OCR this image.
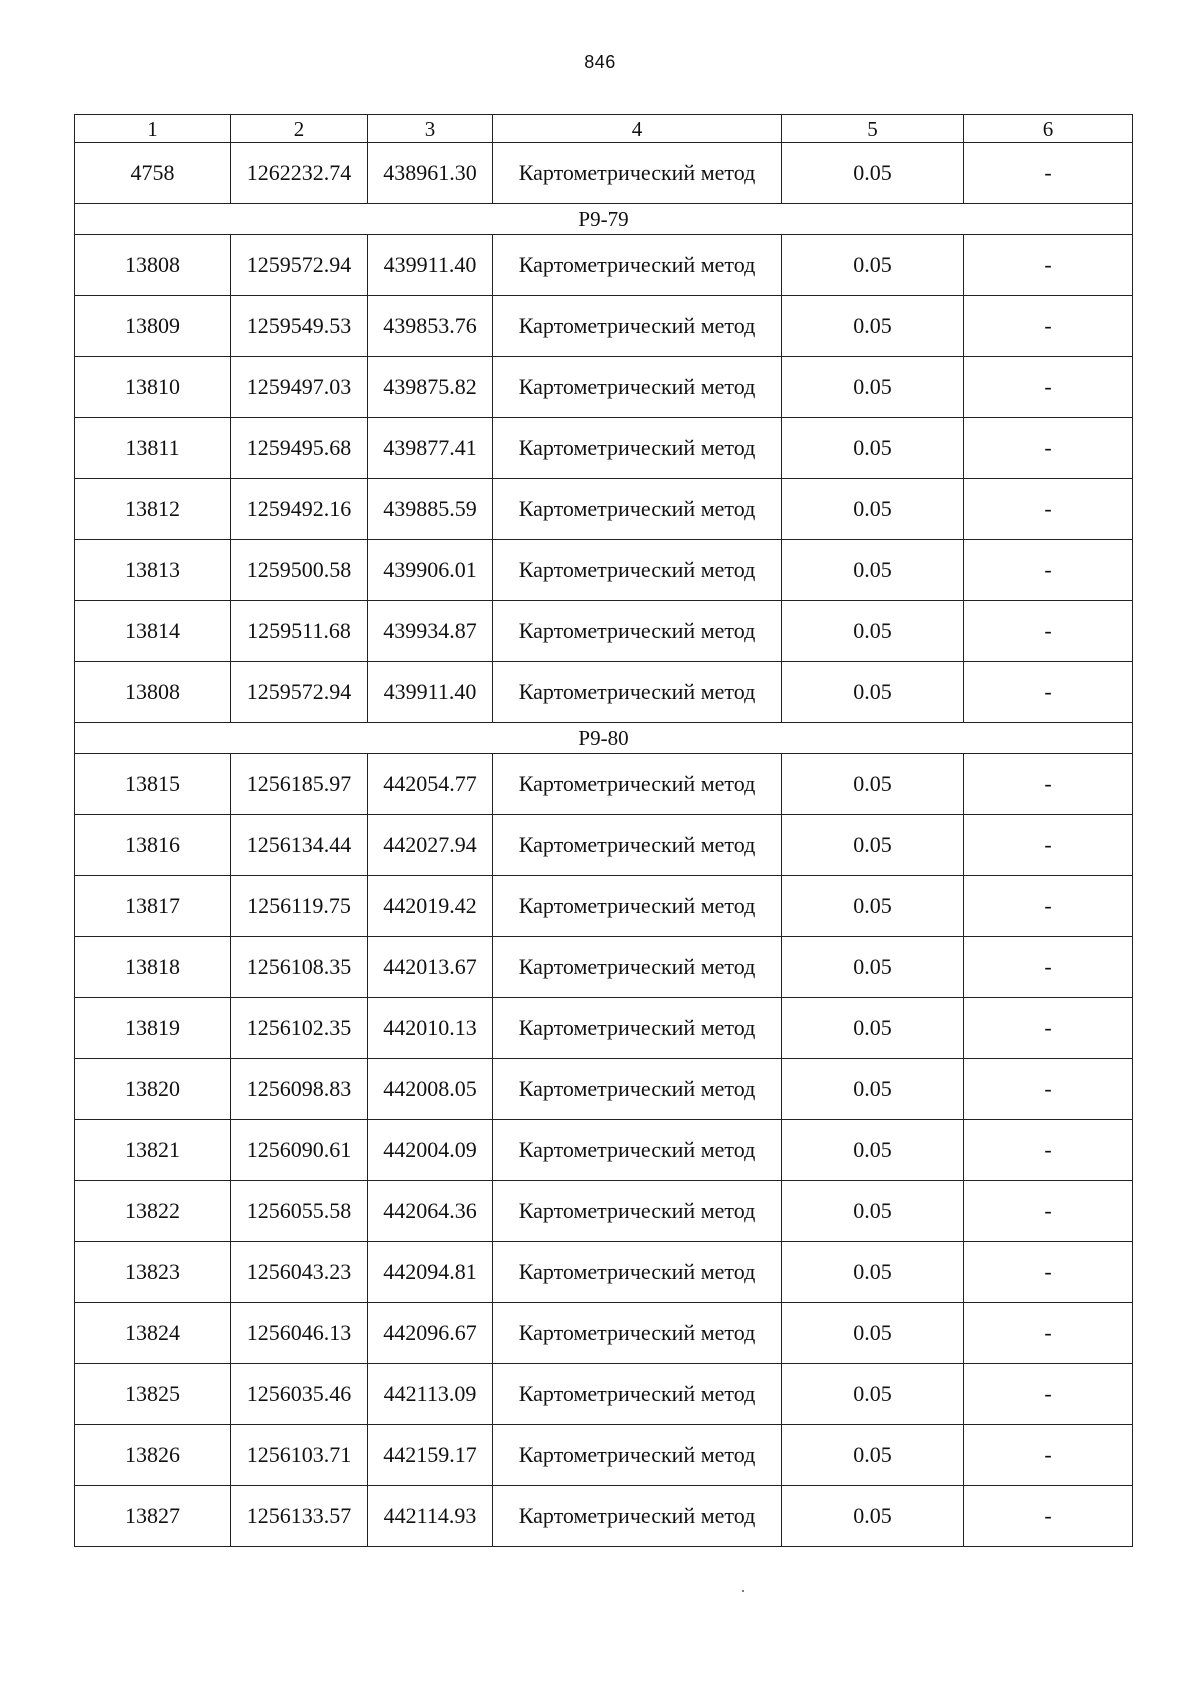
846
1	2	3	4	5	6
4758	1262232.74	438961.30	Картометрический метод	0.05	-
Р9-79					
13808	1259572.94	439911.40	Картометрический метод	0.05	-
13809	1259549.53	439853.76	Картометрический метод	0.05	-
13810	1259497.03	439875.82	Картометрический метод	0.05	-
13811	1259495.68	439877.41	Картометрический метод	0.05	-
13812	1259492.16	439885.59	Картометрический метод	0.05	-
13813	1259500.58	439906.01	Картометрический метод	0.05	-
13814	1259511.68	439934.87	Картометрический метод	0.05	-
13808	1259572.94	439911.40	Картометрический метод	0.05	-
Р9-80					
13815	1256185.97	442054.77	Картометрический метод	0.05	-
13816	1256134.44	442027.94	Картометрический метод	0.05	-
13817	1256119.75	442019.42	Картометрический метод	0.05	-
13818	1256108.35	442013.67	Картометрический метод	0.05	-
13819	1256102.35	442010.13	Картометрический метод	0.05	-
13820	1256098.83	442008.05	Картометрический метод	0.05	-
13821	1256090.61	442004.09	Картометрический метод	0.05	-
13822	1256055.58	442064.36	Картометрический метод	0.05	-
13823	1256043.23	442094.81	Картометрический метод	0.05	-
13824	1256046.13	442096.67	Картометрический метод	0.05	-
13825	1256035.46	442113.09	Картометрический метод	0.05	-
13826	1256103.71	442159.17	Картометрический метод	0.05	-
13827	1256133.57	442114.93	Картометрический метод	0.05	-
